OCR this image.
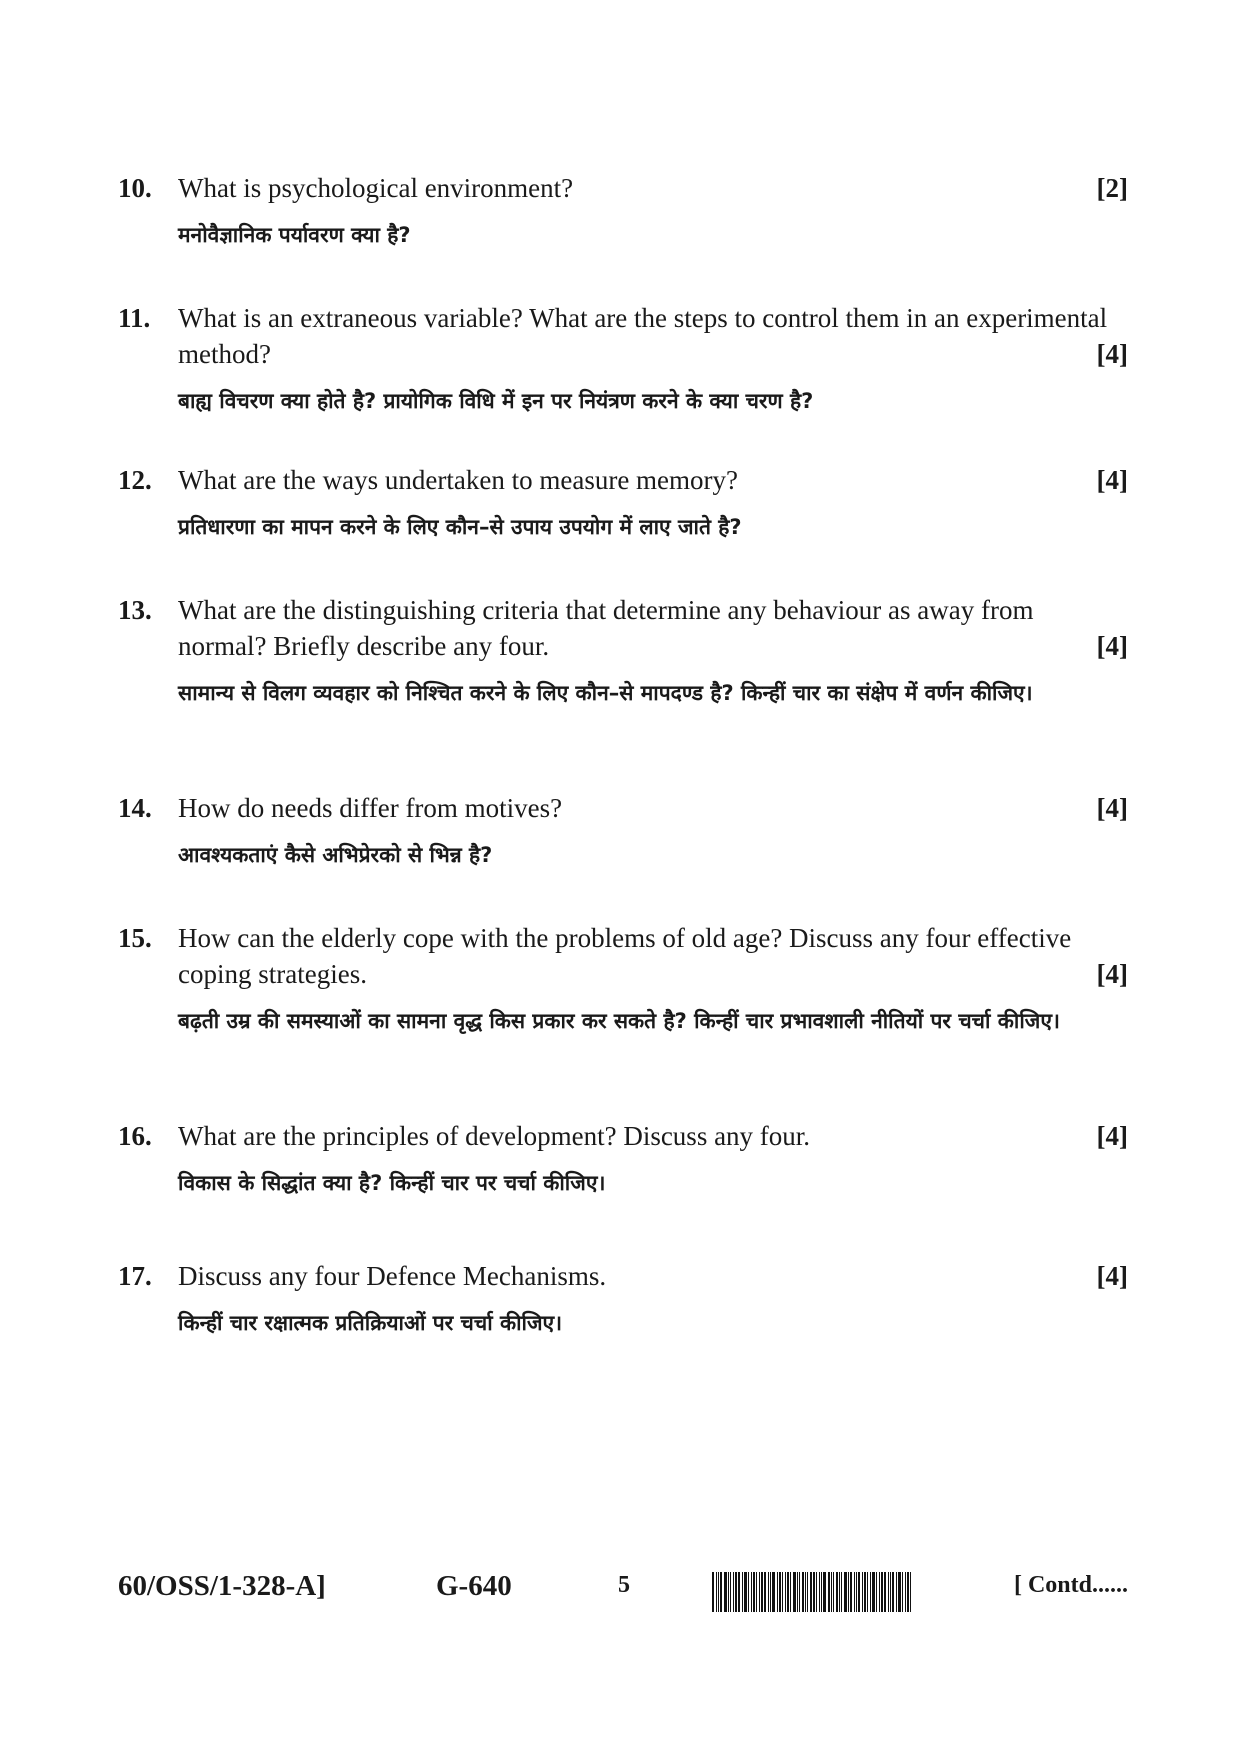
10. What is psychological environment?	[2]
मनोवैज्ञानिक पर्यावरण क्या है?
11. What is an extraneous variable? What are the steps to control them in an experimental
method?	[4]
बाह्य विचरण क्या होते है? प्रायोगिक विधि में इन पर नियंत्रण करने के क्या चरण है?
12. What are the ways undertaken to measure memory?	[4]
प्रतिधारणा का मापन करने के लिए कौन–से उपाय उपयोग में लाए जाते है?
13. What are the distinguishing criteria that determine any behaviour as away from
normal? Briefly describe any four.	[4]
सामान्य से विलग व्यवहार को निश्चित करने के लिए कौन–से मापदण्ड है? किन्हीं चार का संक्षेप में वर्णन कीजिए।
14. How do needs differ from motives?	[4]
आवश्यकताएं कैसे अभिप्रेरको से भिन्न है?
15. How can the elderly cope with the problems of old age? Discuss any four effective
coping strategies.	[4]
बढ़ती उम्र की समस्याओं का सामना वृद्ध किस प्रकार कर सकते है? किन्हीं चार प्रभावशाली नीतियों पर चर्चा कीजिए।
16. What are the principles of development? Discuss any four.	[4]
विकास के सिद्धांत क्या है? किन्हीं चार पर चर्चा कीजिए।
17. Discuss any four Defence Mechanisms.	[4]
किन्हीं चार रक्षात्मक प्रतिक्रियाओं पर चर्चा कीजिए।
60/OSS/1-328-A]	G-640	5	[ Contd......
